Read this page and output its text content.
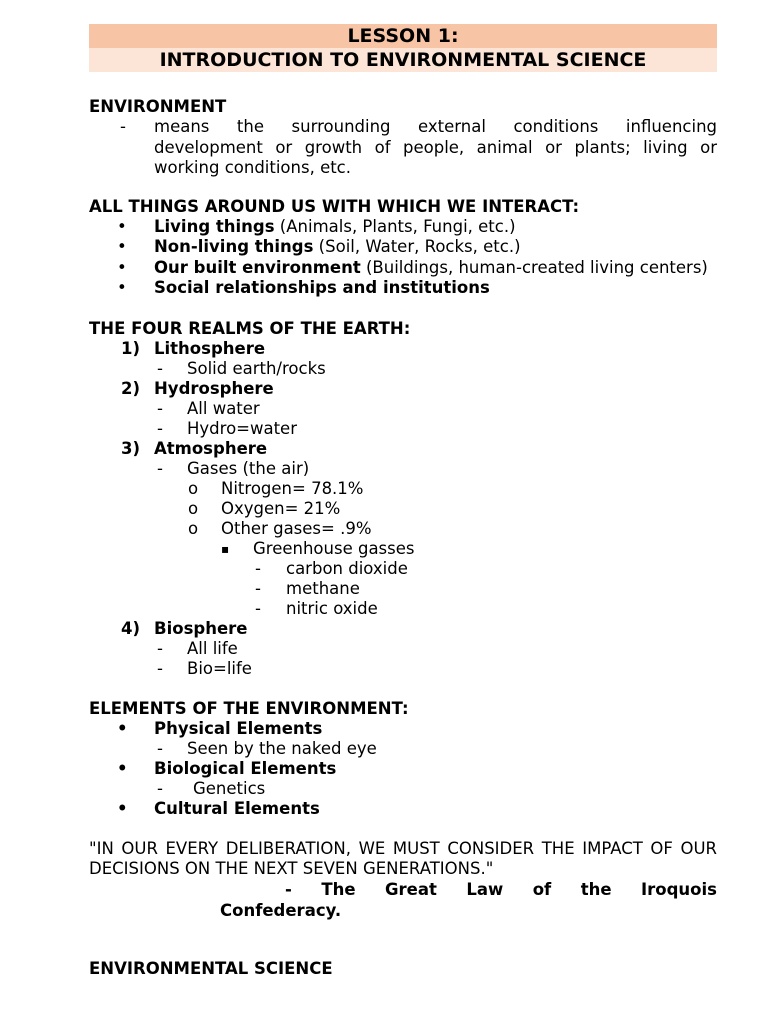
LESSON 1:
INTRODUCTION TO ENVIRONMENTAL SCIENCE
ENVIRONMENT
- means the surrounding external conditions influencing development or growth of people, animal or plants; living or working conditions, etc.
ALL THINGS AROUND US WITH WHICH WE INTERACT:
• Living things (Animals, Plants, Fungi, etc.)
• Non-living things (Soil, Water, Rocks, etc.)
• Our built environment (Buildings, human-created living centers)
• Social relationships and institutions
THE FOUR REALMS OF THE EARTH:
1) Lithosphere
- Solid earth/rocks
2) Hydrosphere
- All water
- Hydro=water
3) Atmosphere
- Gases (the air)
o Nitrogen= 78.1%
o Oxygen= 21%
o Other gases= .9%
▪ Greenhouse gasses
- carbon dioxide
- methane
- nitric oxide
4) Biosphere
- All life
- Bio=life
ELEMENTS OF THE ENVIRONMENT:
• Physical Elements
- Seen by the naked eye
• Biological Elements
- Genetics
• Cultural Elements
"IN OUR EVERY DELIBERATION, WE MUST CONSIDER THE IMPACT OF OUR DECISIONS ON THE NEXT SEVEN GENERATIONS."
- The Great Law of the Iroquois
Confederacy.
ENVIRONMENTAL SCIENCE
